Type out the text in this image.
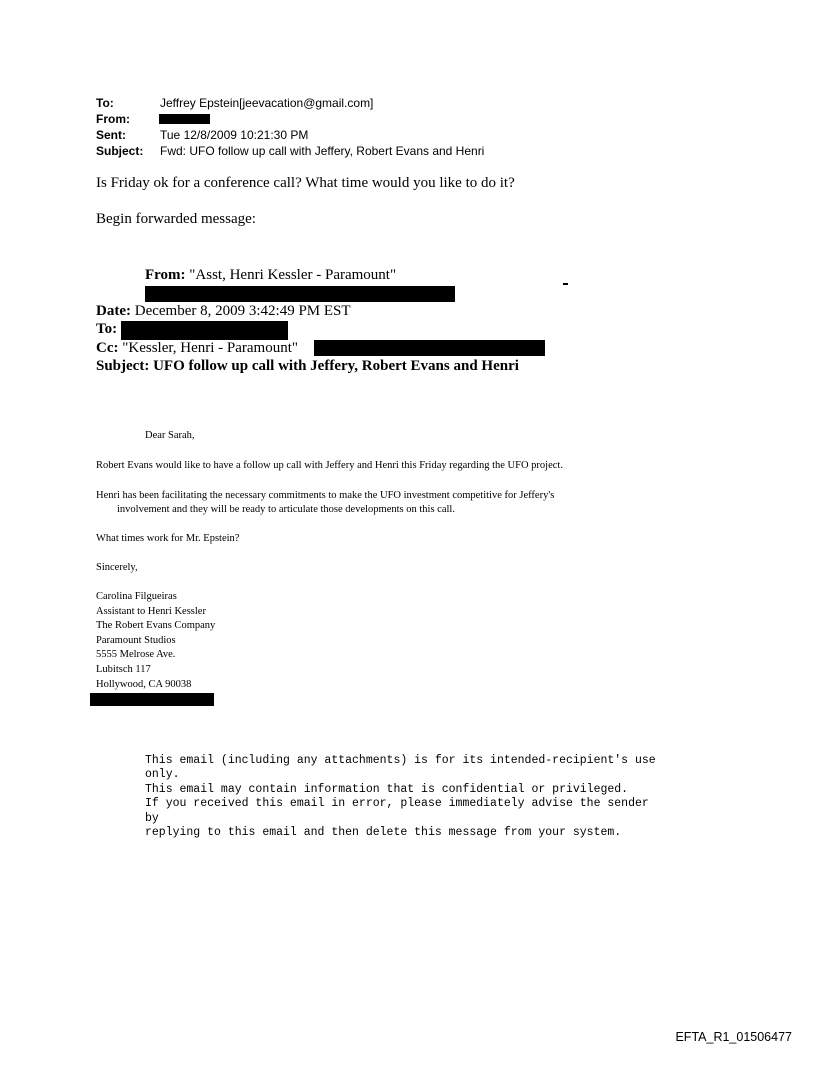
To:	Jeffrey Epstein[jeevacation@gmail.com]
From:
Sent:	Tue 12/8/2009 10:21:30 PM
Subject: Fwd: UFO follow up call with Jeffery, Robert Evans and Henri
Is Friday ok for a conference call? What time would you like to do it?
Begin forwarded message:
From: "Asst, Henri Kessler - Paramount"
Date: December 8, 2009 3:42:49 PM EST
To:
Cc: "Kessler, Henri - Paramount"
Subject: UFO follow up call with Jeffery, Robert Evans and Henri
Dear Sarah,
Robert Evans would like to have a follow up call with Jeffery and Henri this Friday regarding the UFO project.
Henri has been facilitating the necessary commitments to make the UFO investment competitive for Jeffery's
involvement and they will be ready to articulate those developments on this call.
What times work for Mr. Epstein?
Sincerely,
Carolina Filgueiras
Assistant to Henri Kessler
The Robert Evans Company
Paramount Studios
5555 Melrose Ave.
Lubitsch 117
Hollywood, CA 90038
This email (including any attachments) is for its intended-recipient's use
only.
This email may contain information that is confidential or privileged.
If you received this email in error, please immediately advise the sender
by
replying to this email and then delete this message from your system.
EFTA_R1_01506477
